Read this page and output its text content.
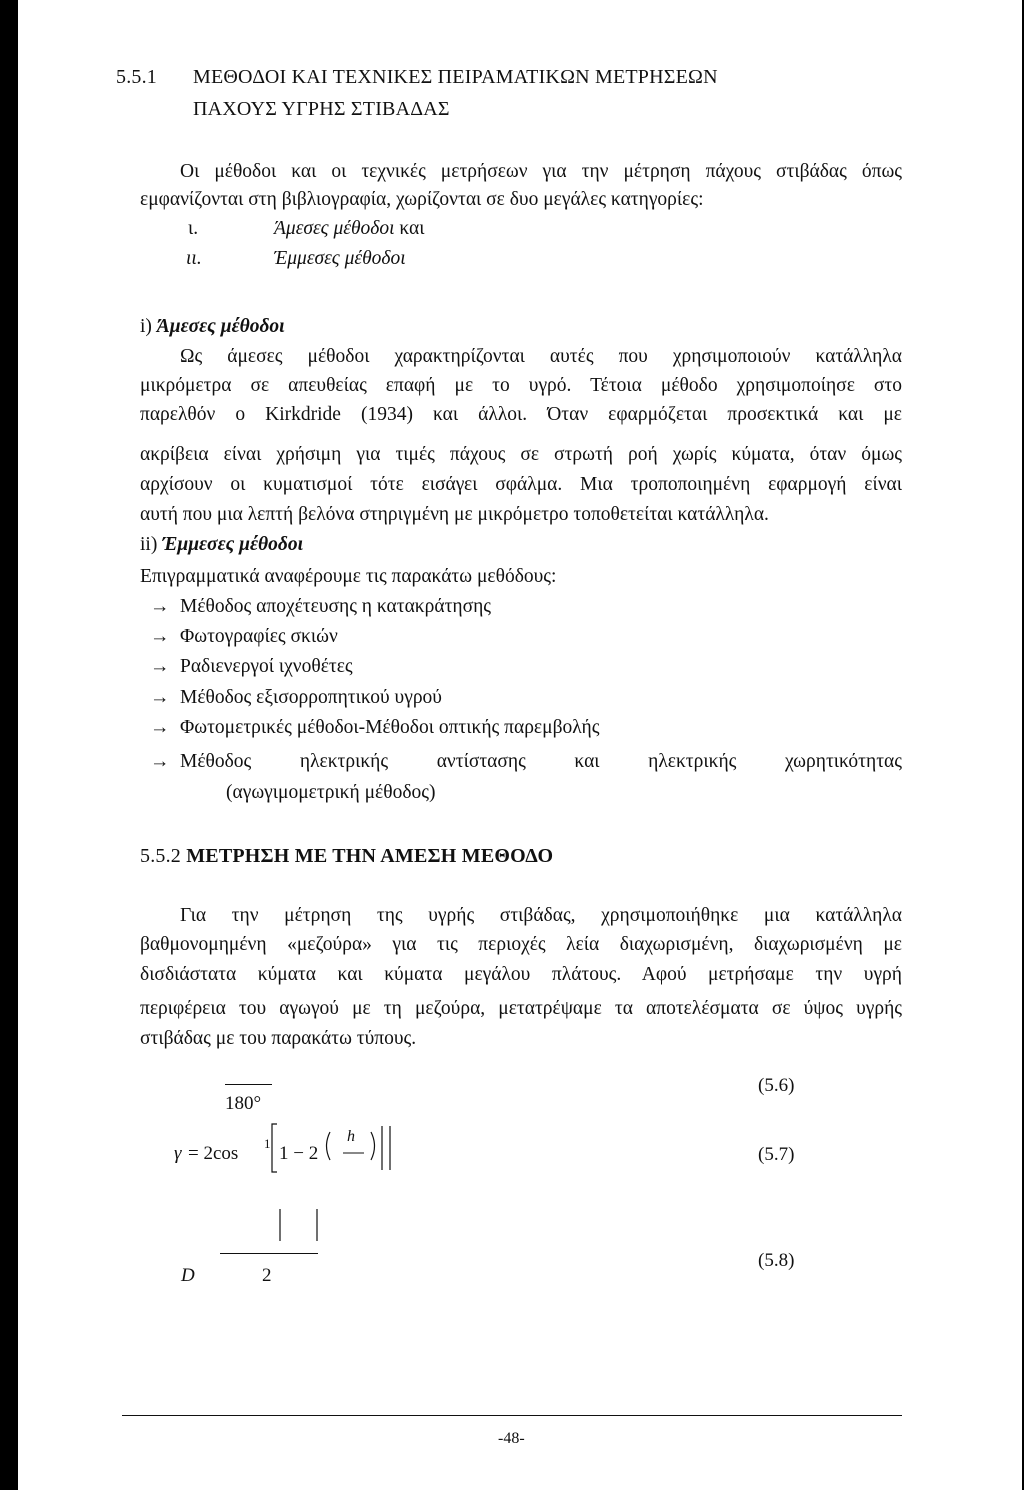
5.5.1 ΜΕΘΟΔΟΙ ΚΑΙ ΤΕΧΝΙΚΕΣ ΠΕΙΡΑΜΑΤΙΚΩΝ ΜΕΤΡΗΣΕΩΝ
ΠΑΧΟΥΣ ΥΓΡΗΣ ΣΤΙΒΑΔΑΣ
Οι μέθοδοι και οι τεχνικές μετρήσεων για την μέτρηση πάχους στιβάδας όπως
εμφανίζονται στη βιβλιογραφία, χωρίζονται σε δυο μεγάλες κατηγορίες:
ι.	Άμεσες μέθοδοι και
ιι.	Έμμεσες μέθοδοι
i) Άμεσες μέθοδοι
Ως άμεσες μέθοδοι χαρακτηρίζονται αυτές που χρησιμοποιούν κατάλληλα
μικρόμετρα σε απευθείας επαφή με το υγρό. Τέτοια μέθοδο χρησιμοποίησε στο
παρελθόν ο Kirkdride (1934) και άλλοι. Όταν εφαρμόζεται προσεκτικά και με
ακρίβεια είναι χρήσιμη για τιμές πάχους σε στρωτή ροή χωρίς κύματα, όταν όμως
αρχίσουν οι κυματισμοί τότε εισάγει σφάλμα. Μια τροποποιημένη εφαρμογή είναι
αυτή που μια λεπτή βελόνα στηριγμένη με μικρόμετρο τοποθετείται κατάλληλα.
ii) Έμμεσες μέθοδοι
Επιγραμματικά αναφέρουμε τις παρακάτω μεθόδους:
→ Μέθοδος αποχέτευσης η κατακράτησης
→ Φωτογραφίες σκιών
→ Ραδιενεργοί ιχνοθέτες
→ Μέθοδος εξισορροπητικού υγρού
→ Φωτομετρικές μέθοδοι-Μέθοδοι οπτικής παρεμβολής
→ Μέθοδος ηλεκτρικής αντίστασης και ηλεκτρικής χωρητικότητας
(αγωγιμομετρική μέθοδος)
5.5.2 ΜΕΤΡΗΣΗ ΜΕ ΤΗΝ ΑΜΕΣΗ ΜΕΘΟΔΟ
Για την μέτρηση της υγρής στιβάδας, χρησιμοποιήθηκε μια κατάλληλα
βαθμονομημένη «μεζούρα» για τις περιοχές λεία διαχωρισμένη, διαχωρισμένη με
δισδιάστατα κύματα και κύματα μεγάλου πλάτους. Αφού μετρήσαμε την υγρή
περιφέρεια του αγωγού με τη μεζούρα, μετατρέψαμε τα αποτελέσματα σε ύψος υγρής
στιβάδας με του παρακάτω τύπους.
180°
(5.6)
γ = 2cos 1 1 − 2
h
(5.7)
D	2
(5.8)
-48-
